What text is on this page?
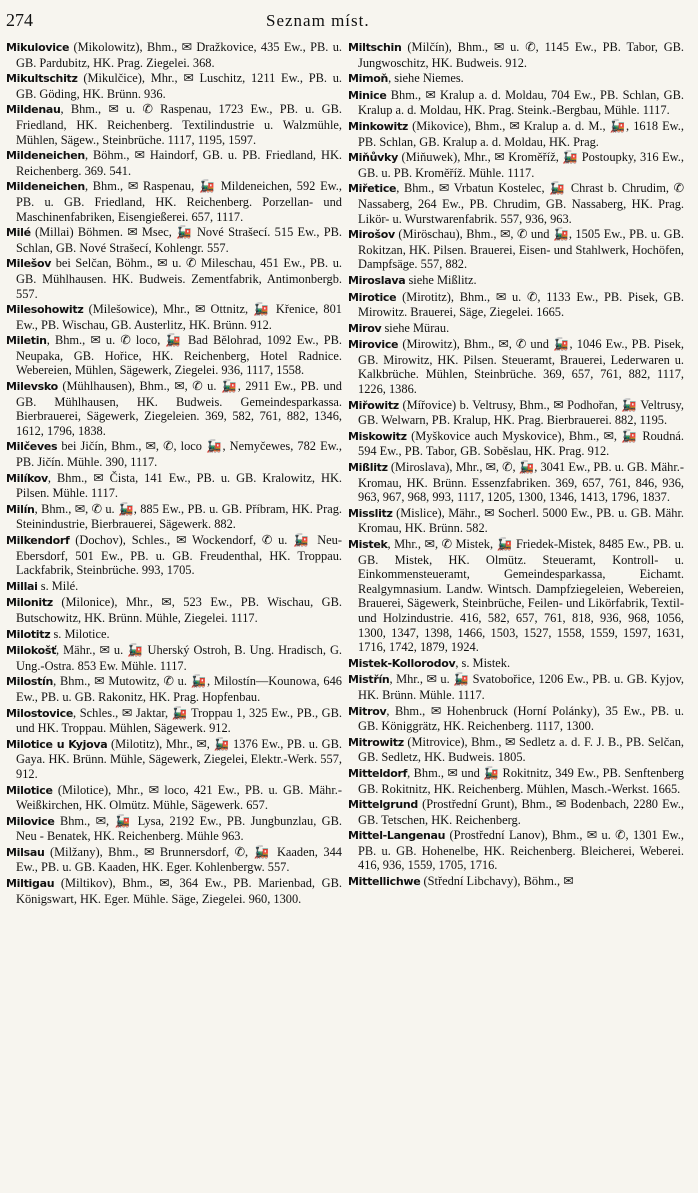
274	Seznam míst.

Mikulovice (Mikolowitz), Bhm., ✉ Dražkovice, 435 Ew., PB. u. GB. Pardubitz, HK. Prag. Ziegelei. 368.

Mikultschitz (Mikulčice), Mhr., ✉ Luschitz, 1211 Ew., PB. u. GB. Göding, HK. Brünn. 936.

Mildenau, Bhm., ✉ u. ✆ Raspenau, 1723 Ew., PB. u. GB. Friedland, HK. Reichenberg. Textilindustrie u. Walzmühle, Mühlen, Sägew., Steinbrüche. 1117, 1195, 1597.

Mildeneichen, Böhm., ✉ Haindorf, GB. u. PB. Friedland, HK. Reichenberg. 369. 541.

Mildeneichen, Bhm., ✉ Raspenau, 🚂 Mildeneichen, 592 Ew., PB. u. GB. Friedland, HK. Reichenberg. Porzellan- und Maschinenfabriken, Eisengießerei. 657, 1117.

Milé (Millai) Böhmen. ✉ Msec, 🚂 Nové Strašecí. 515 Ew., PB. Schlan, GB. Nové Strašecí, Kohlengr. 557.

Milešov bei Selčan, Böhm., ✉ u. ✆ Mileschau, 451 Ew., PB. u. GB. Mühlhausen. HK. Budweis. Zementfabrik, Antimonbergb. 557.

Milesohowitz (Milešowice), Mhr., ✉ Ottnitz, 🚂 Křenice, 801 Ew., PB. Wischau, GB. Austerlitz, HK. Brünn. 912.

Miletin, Bhm., ✉ u. ✆ loco, 🚂 Bad Bělohrad, 1092 Ew., PB. Neupaka, GB. Hořice, HK. Reichenberg, Hotel Radnice. Webereien, Mühlen, Sägewerk, Ziegelei. 936, 1117, 1558.

Milevsko (Mühlhausen), Bhm., ✉, ✆ u. 🚂, 2911 Ew., PB. und GB. Mühlhausen, HK. Budweis. Gemeindesparkassa. Bierbrauerei, Sägewerk, Ziegeleien. 369, 582, 761, 882, 1346, 1612, 1796, 1838.

Milčeves bei Jičín, Bhm., ✉, ✆, loco 🚂, Nemyčewes, 782 Ew., PB. Jičín. Mühle. 390, 1117.

Milíkov, Bhm., ✉ Čista, 141 Ew., PB. u. GB. Kralowitz, HK. Pilsen. Mühle. 1117.

Milín, Bhm., ✉, ✆ u. 🚂, 885 Ew., PB. u. GB. Příbram, HK. Prag. Steinindustrie, Bierbrauerei, Sägewerk. 882.

Milkendorf (Dochov), Schles., ✉ Wockendorf, ✆ u. 🚂 Neu-Ebersdorf, 501 Ew., PB. u. GB. Freudenthal, HK. Troppau. Lackfabrik, Steinbrüche. 993, 1705.

Millai s. Milé.

Milonitz (Milonice), Mhr., ✉, 523 Ew., PB. Wischau, GB. Butschowitz, HK. Brünn. Mühle, Ziegelei. 1117.

Milotitz s. Milotice.

Milokošť, Mähr., ✉ u. 🚂 Uherský Ostroh, B. Ung. Hradisch, G. Ung.-Ostra. 853 Ew. Mühle. 1117.

Milostín, Bhm., ✉ Mutowitz, ✆ u. 🚂, Milostín—Kounowa, 646 Ew., PB. u. GB. Rakonitz, HK. Prag. Hopfenbau.

Milostovice, Schles., ✉ Jaktar, 🚂 Troppau 1, 325 Ew., PB., GB. und HK. Troppau. Mühlen, Sägewerk. 912.

Milotice u Kyjova (Milotitz), Mhr., ✉, 🚂 1376 Ew., PB. u. GB. Gaya. HK. Brünn. Mühle, Sägewerk, Ziegelei, Elektr.-Werk. 557, 912.

Milotice (Milotice), Mhr., ✉ loco, 421 Ew., PB. u. GB. Mähr.-Weißkirchen, HK. Olmütz. Mühle, Sägewerk. 657.

Milovice Bhm., ✉, 🚂 Lysa, 2192 Ew., PB. Jungbunzlau, GB. Neu - Benatek, HK. Reichenberg. Mühle 963.

Milsau (Milžany), Bhm., ✉ Brunnersdorf, ✆, 🚂 Kaaden, 344 Ew., PB. u. GB. Kaaden, HK. Eger. Kohlenbergw. 557.

Miltigau (Miltikov), Bhm., ✉, 364 Ew., PB. Marienbad, GB. Königswart, HK. Eger. Mühle. Säge, Ziegelei. 960, 1300.

Miltschin (Milčín), Bhm., ✉ u. ✆, 1145 Ew., PB. Tabor, GB. Jungwoschitz, HK. Budweis. 912.

Mimoň, siehe Niemes.

Minice Bhm., ✉ Kralup a. d. Moldau, 704 Ew., PB. Schlan, GB. Kralup a. d. Moldau, HK. Prag. Steink.-Bergbau, Mühle. 1117.

Minkowitz (Mikovice), Bhm., ✉ Kralup a. d. M., 🚂, 1618 Ew., PB. Schlan, GB. Kralup a. d. Moldau, HK. Prag.

Miňůvky (Miňuwek), Mhr., ✉ Kroměříž, 🚂 Postoupky, 316 Ew., GB. u. PB. Kroměříž. Mühle. 1117.

Miřetice, Bhm., ✉ Vrbatun Kostelec, 🚂 Chrast b. Chrudim, ✆ Nassaberg, 264 Ew., PB. Chrudim, GB. Nassaberg, HK. Prag. Likör- u. Wurstwarenfabrik. 557, 936, 963.

Mirošov (Miröschau), Bhm., ✉, ✆ und 🚂, 1505 Ew., PB. u. GB. Rokitzan, HK. Pilsen. Brauerei, Eisen- und Stahlwerk, Hochöfen, Dampfsäge. 557, 882.

Miroslava siehe Mißlitz.

Mirotice (Mirotitz), Bhm., ✉ u. ✆, 1133 Ew., PB. Pisek, GB. Mirowitz. Brauerei, Säge, Ziegelei. 1665.

Mirov siehe Mürau.

Mirovice (Mirowitz), Bhm., ✉, ✆ und 🚂, 1046 Ew., PB. Pisek, GB. Mirowitz, HK. Pilsen. Steueramt, Brauerei, Lederwaren u. Kalkbrüche. Mühlen, Steinbrüche. 369, 657, 761, 882, 1117, 1226, 1386.

Miřowitz (Mířovice) b. Veltrusy, Bhm., ✉ Podhořan, 🚂 Veltrusy, GB. Welwarn, PB. Kralup, HK. Prag. Bierbrauerei. 882, 1195.

Miskowitz (Myškovice auch Myskovice), Bhm., ✉, 🚂 Roudná. 594 Ew., PB. Tabor, GB. Soběslau, HK. Prag. 912.

Mißlitz (Miroslava), Mhr., ✉, ✆, 🚂, 3041 Ew., PB. u. GB. Mähr.-Kromau, HK. Brünn. Essenzfabriken. 369, 657, 761, 846, 936, 963, 967, 968, 993, 1117, 1205, 1300, 1346, 1413, 1796, 1837.

Misslitz (Mislice), Mähr., ✉ Socherl. 5000 Ew., PB. u. GB. Mähr. Kromau, HK. Brünn. 582.

Mistek, Mhr., ✉, ✆ Mistek, 🚂 Friedek-Mistek, 8485 Ew., PB. u. GB. Mistek, HK. Olmütz. Steueramt, Kontroll- u. Einkommensteueramt, Gemeindesparkassa, Eichamt. Realgymnasium. Landw. Wintsch. Dampfziegeleien, Webereien, Brauerei, Sägewerk, Steinbrüche, Feilen- und Likörfabrik, Textil- und Holzindustrie. 416, 582, 657, 761, 818, 936, 968, 1056, 1300, 1347, 1398, 1466, 1503, 1527, 1558, 1559, 1597, 1631, 1716, 1742, 1879, 1924.

Mistek-Kollorodov, s. Mistek.

Mistřín, Mhr., ✉ u. 🚂 Svatobořice, 1206 Ew., PB. u. GB. Kyjov, HK. Brünn. Mühle. 1117.

Mitrov, Bhm., ✉ Hohenbruck (Horní Polánky), 35 Ew., PB. u. GB. Königgrätz, HK. Reichenberg. 1117, 1300.

Mitrowitz (Mitrovice), Bhm., ✉ Sedletz a. d. F. J. B., PB. Selčan, GB. Sedletz, HK. Budweis. 1805.

Mitteldorf, Bhm., ✉ und 🚂 Rokitnitz, 349 Ew., PB. Senftenberg GB. Rokitnitz, HK. Reichenberg. Mühlen, Masch.-Werkst. 1665.

Mittelgrund (Prostřední Grunt), Bhm., ✉ Bodenbach, 2280 Ew., GB. Tetschen, HK. Reichenberg.

Mittel-Langenau (Prostřední Lanov), Bhm., ✉ u. ✆, 1301 Ew., PB. u. GB. Hohenelbe, HK. Reichenberg. Bleicherei, Weberei. 416, 936, 1559, 1705, 1716.

Mittellichwe (Střední Libchavy), Böhm., ✉
